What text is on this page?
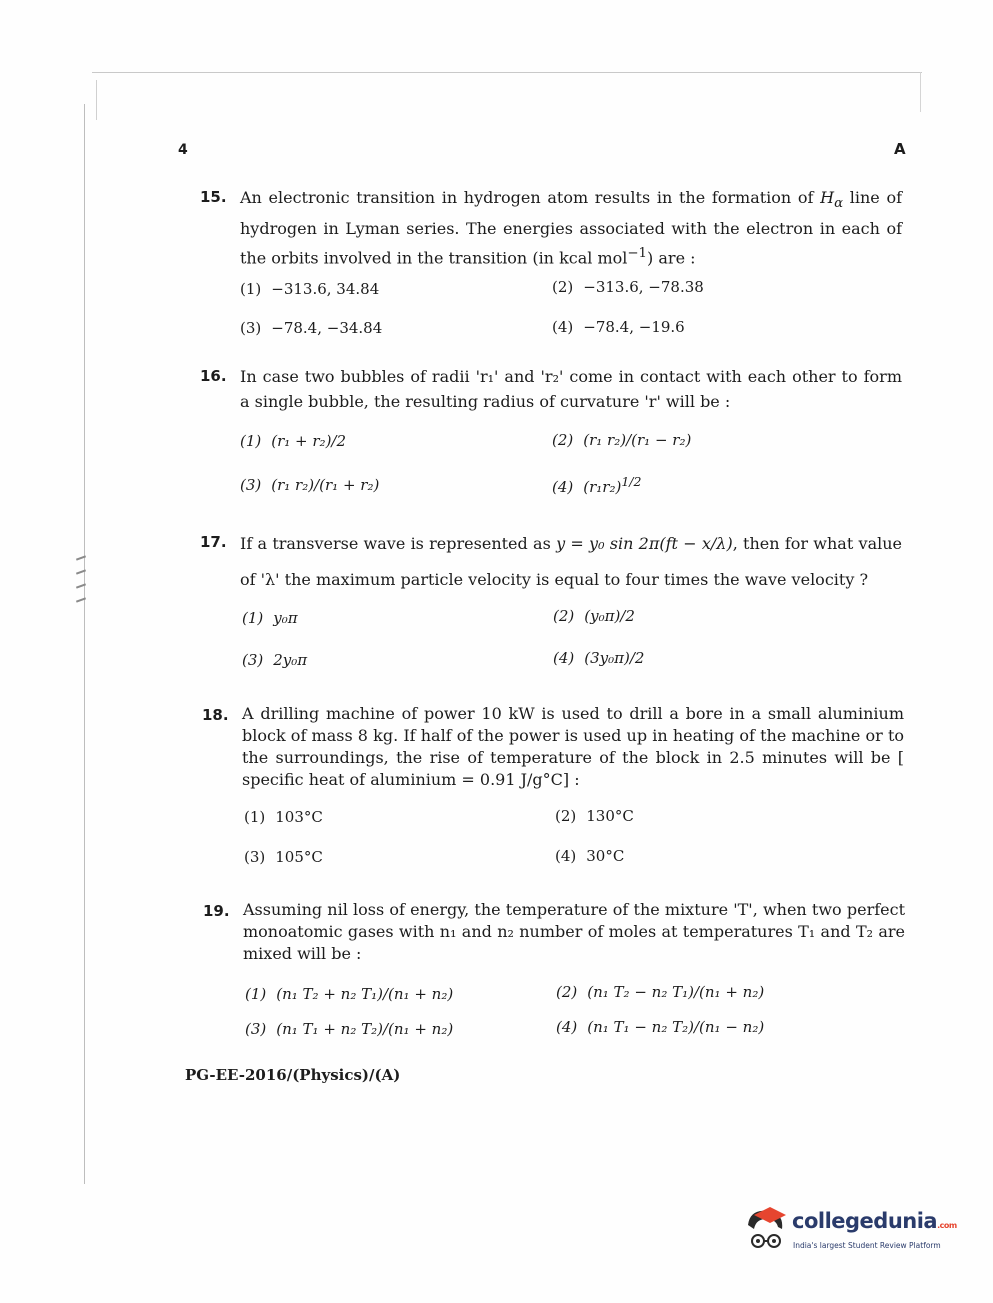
4	A
15. An electronic transition in hydrogen atom results in the formation of $H_\alpha$ line of hydrogen in Lyman series. The energies associated with the electron in each of the orbits involved in the transition (in kcal mol$^{-1}$) are :
(1) −313.6, 34.84	(2) −313.6, −78.38
(3) −78.4, −34.84	(4) −78.4, −19.6
16. In case two bubbles of radii 'r₁' and 'r₂' come in contact with each other to form a single bubble, the resulting radius of curvature 'r' will be :
(1) (r₁ + r₂)/2	(2) (r₁ r₂)/(r₁ − r₂)
(3) (r₁ r₂)/(r₁ + r₂)	(4) $(r_1r_2)^{1/2}$
17. If a transverse wave is represented as y = y₀ sin 2π(ft − x/λ), then for what value of 'λ' the maximum particle velocity is equal to four times the wave velocity ?
(1) y₀π	(2) (y₀π)/2
(3) 2y₀π	(4) (3y₀π)/2
18. A drilling machine of power 10 kW is used to drill a bore in a small aluminium block of mass 8 kg. If half of the power is used up in heating of the machine or to the surroundings, the rise of temperature of the block in 2.5 minutes will be [ specific heat of aluminium = 0.91 J/g°C] :
(1) 103°C	(2) 130°C
(3) 105°C	(4) 30°C
19. Assuming nil loss of energy, the temperature of the mixture 'T', when two perfect monoatomic gases with n₁ and n₂ number of moles at temperatures T₁ and T₂ are mixed will be :
(1) (n₁ T₂ + n₂ T₁)/(n₁ + n₂)	(2) (n₁ T₂ − n₂ T₁)/(n₁ + n₂)
(3) (n₁ T₁ + n₂ T₂)/(n₁ + n₂)	(4) (n₁ T₁ − n₂ T₂)/(n₁ − n₂)
PG-EE-2016/(Physics)/(A)
collegedunia.com
India's largest Student Review Platform
